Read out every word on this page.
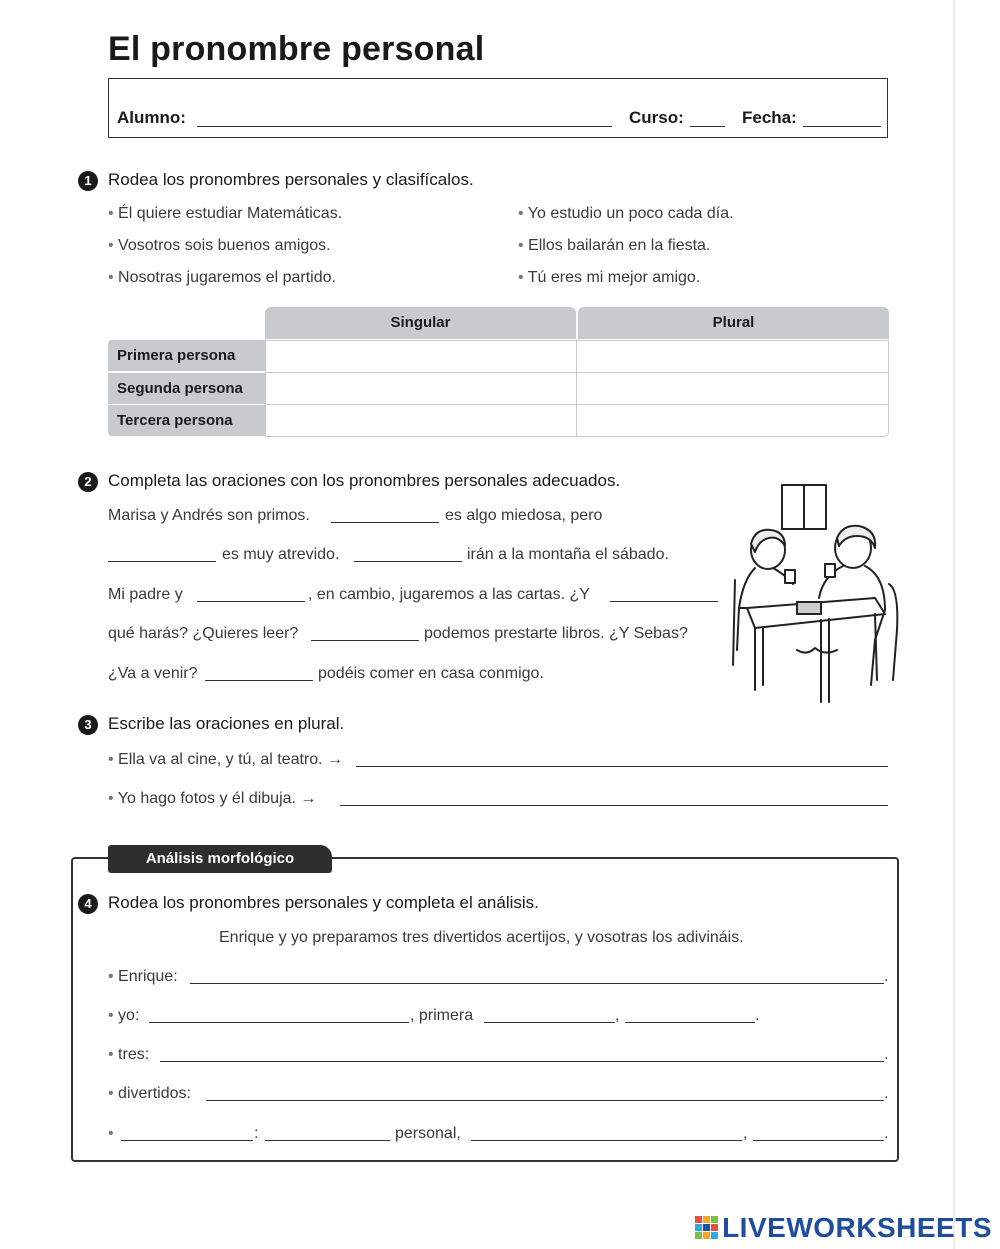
El pronombre personal
Alumno:	Curso:	Fecha:
1 Rodea los pronombres personales y clasifícalos.
• Él quiere estudiar Matemáticas.
• Vosotros sois buenos amigos.
• Nosotras jugaremos el partido.
• Yo estudio un poco cada día.
• Ellos bailarán en la fiesta.
• Tú eres mi mejor amigo.
Singular	Plural
Primera persona
Segunda persona
Tercera persona
2 Completa las oraciones con los pronombres personales adecuados.
Marisa y Andrés son primos.	es algo miedosa, pero
es muy atrevido.	irán a la montaña el sábado.
Mi padre y	, en cambio, jugaremos a las cartas. ¿Y
qué harás? ¿Quieres leer?	podemos prestarte libros. ¿Y Sebas?
¿Va a venir?	podéis comer en casa conmigo.
3 Escribe las oraciones en plural.
• Ella va al cine, y tú, al teatro. →
• Yo hago fotos y él dibuja. →
Análisis morfológico
4 Rodea los pronombres personales y completa el análisis.
Enrique y yo preparamos tres divertidos acertijos, y vosotras los adivináis.
• Enrique:	.
• yo:	, primera	,	.
• tres:	.
• divertidos:	.
•
:	personal,	,	.
LIVEWORKSHEETS
